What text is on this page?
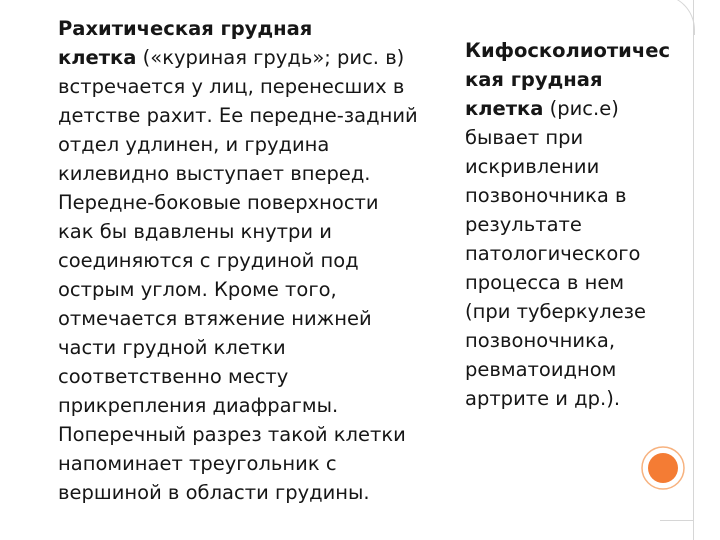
Рахитическая грудная
клетка («куриная грудь»; рис. в)
встречается у лиц, перенесших в
детстве рахит. Ее передне-задний
отдел удлинен, и грудина
килевидно выступает вперед.
Передне-боковые поверхности
как бы вдавлены кнутри и
соединяются с грудиной под
острым углом. Кроме того,
отмечается втяжение нижней
части грудной клетки
соответственно месту
прикрепления диафрагмы.
Поперечный разрез такой клетки
напоминает треугольник с
вершиной в области грудины.
Кифосколиотичес
кая грудная
клетка (рис.е)
бывает при
искривлении
позвоночника в
результате
патологического
процесса в нем
(при туберкулезе
позвоночника,
ревматоидном
артрите и др.).
